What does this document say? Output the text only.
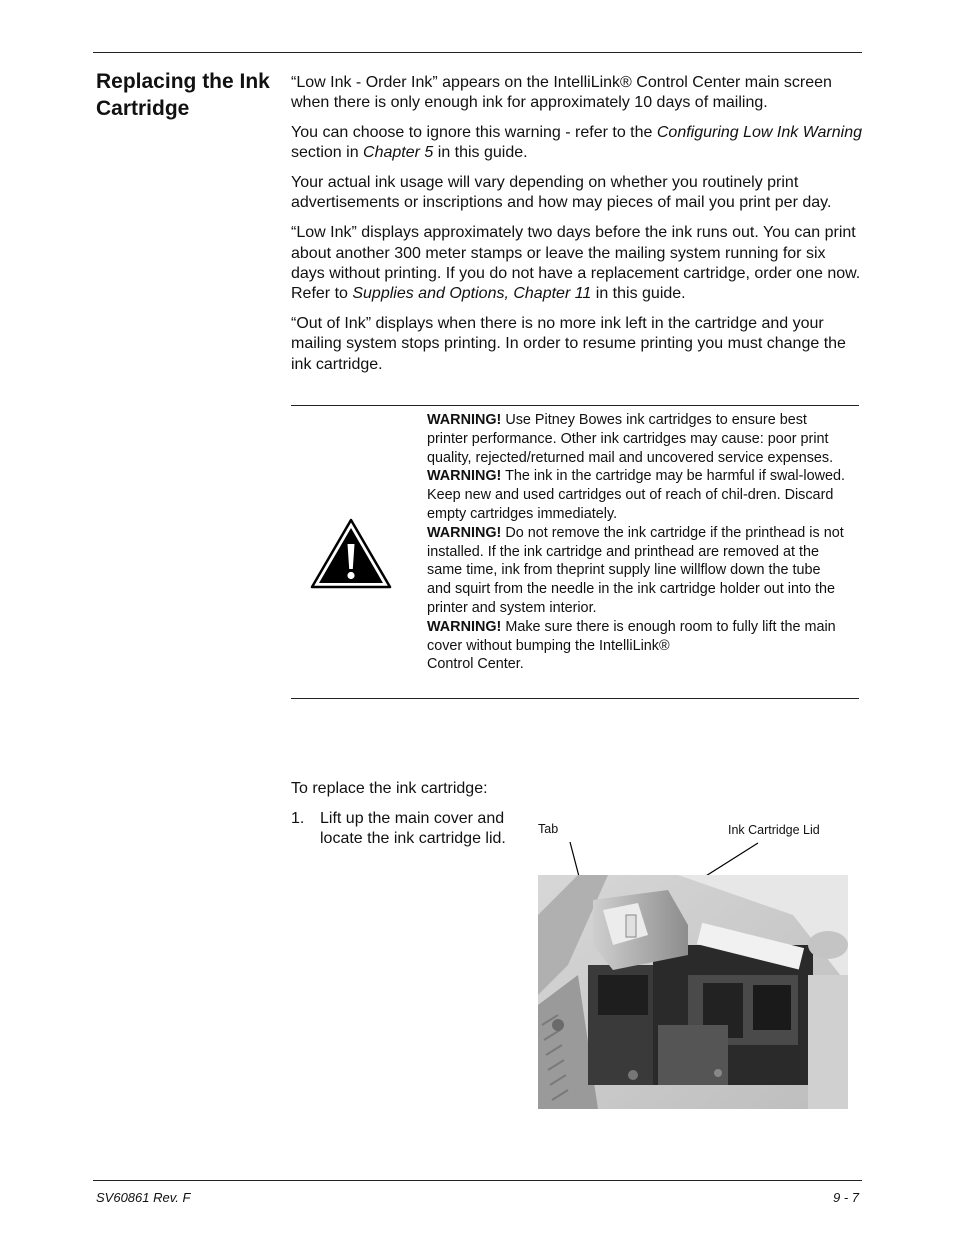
Replacing the Ink Cartridge

“Low Ink - Order Ink” appears on the IntelliLink® Control Center main screen when there is only enough ink for approximately 10 days of mailing.

You can choose to ignore this warning - refer to the Configuring Low Ink Warning section in Chapter 5 in this guide.

Your actual ink usage will vary depending on whether you routinely print advertisements or inscriptions and how may pieces of mail you print per day.

“Low Ink” displays approximately two days before the ink runs out. You can print about another 300 meter stamps or leave the mailing system running for six days without printing. If you do not have a replacement cartridge, order one now. Refer to Supplies and Options, Chapter 11 in this guide.

“Out of Ink” displays when there is no more ink left in the cartridge and your mailing system stops printing. In order to resume printing you must change the ink cartridge.

WARNING! Use Pitney Bowes ink cartridges to ensure best printer performance. Other ink cartridges may cause: poor print quality, rejected/returned mail and uncovered service expenses.

WARNING! The ink in the cartridge may be harmful if swal-lowed. Keep new and used cartridges out of reach of chil-dren. Discard empty cartridges immediately.

WARNING! Do not remove the ink cartridge if the printhead is not installed. If the ink cartridge and printhead are removed at the same time, ink from theprint supply line willflow down the tube and squirt from the needle in the ink cartridge holder out into the printer and system interior.

WARNING! Make sure there is enough room to fully lift the main cover without bumping the IntelliLink®
Control Center.

To replace the ink cartridge:
1. Lift up the main cover and locate the ink cartridge lid.
Tab	Ink Cartridge Lid
SV60861 Rev. F	9 - 7
